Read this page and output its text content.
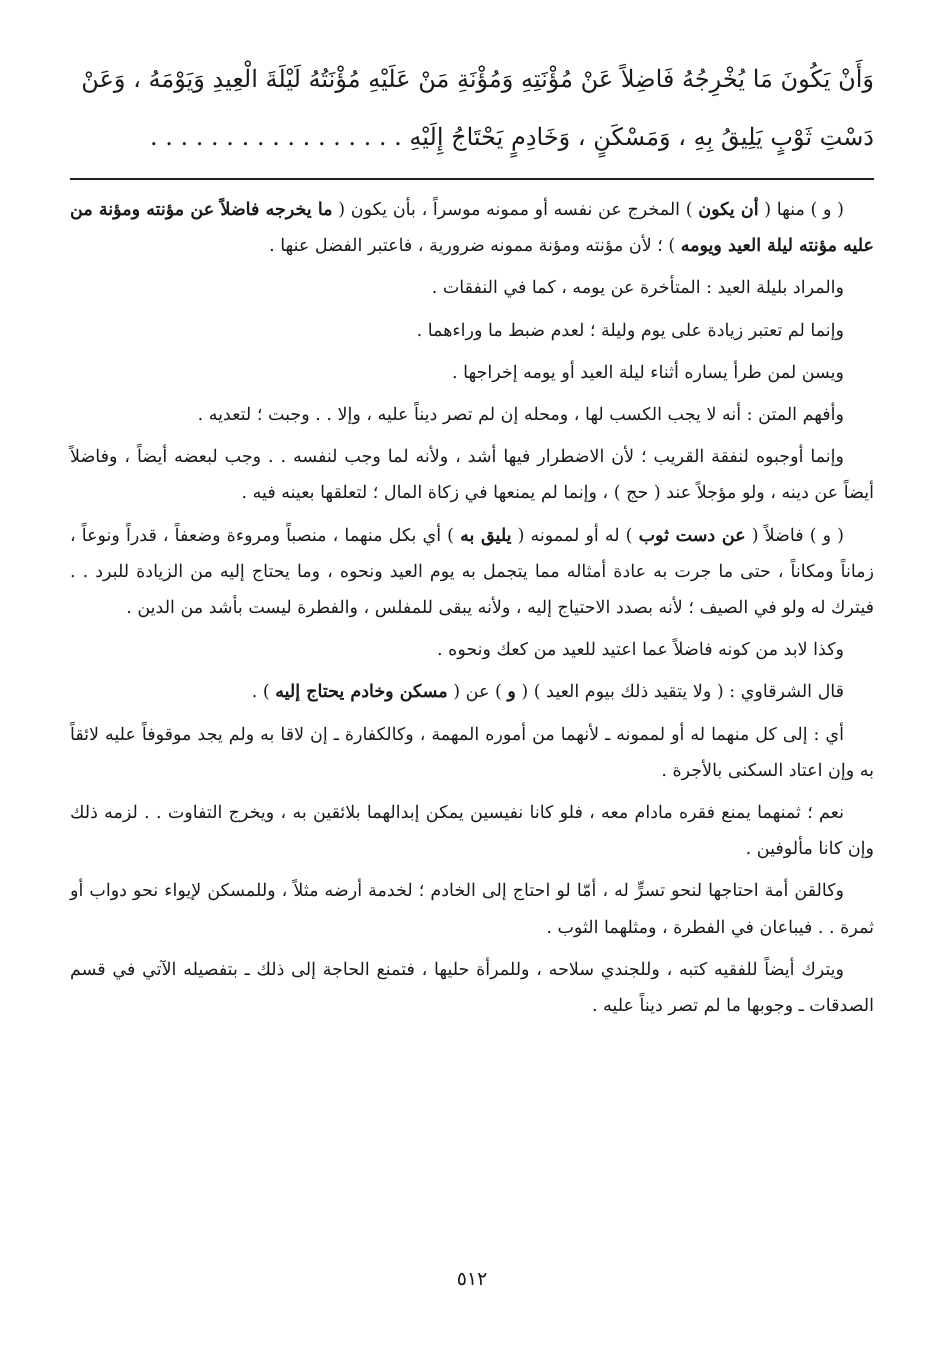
وَأَنْ يَكُونَ مَا يُخْرِجُهُ فَاضِلاً عَنْ مُؤْنَتِهِ وَمُؤْنَةِ مَنْ عَلَيْهِ مُؤْنَتُهُ لَيْلَةَ الْعِيدِ وَيَوْمَهُ ، وَعَنْ
دَسْتِ ثَوْبٍ يَلِيقُ بِهِ ، وَمَسْكَنٍ ، وَخَادِمٍ يَحْتَاجُ إِلَيْهِ . . . . . . . . . . . . . . . . .

( و ) منها ( أن يكون ) المخرج عن نفسه أو ممونه موسراً ، بأن يكون ( ما يخرجه فاضلاً عن مؤنته ومؤنة من عليه مؤنته ليلة العيد ويومه ) ؛ لأن مؤنته ومؤنة ممونه ضرورية ، فاعتبر الفضل عنها .

والمراد بليلة العيد : المتأخرة عن يومه ، كما في النفقات .

وإنما لم تعتبر زيادة على يوم وليلة ؛ لعدم ضبط ما وراءهما .

ويسن لمن طرأ يساره أثناء ليلة العيد أو يومه إخراجها .

وأفهم المتن : أنه لا يجب الكسب لها ، ومحله إن لم تصر ديناً عليه ، وإلا . . وجبت ؛ لتعديه .

وإنما أوجبوه لنفقة القريب ؛ لأن الاضطرار فيها أشد ، ولأنه لما وجب لنفسه . . وجب لبعضه أيضاً ، وفاضلاً أيضاً عن دينه ، ولو مؤجلاً عند ( حج ) ، وإنما لم يمنعها في زكاة المال ؛ لتعلقها بعينه فيه .

( و ) فاضلاً ( عن دست ثوب ) له أو لممونه ( يليق به ) أي بكل منهما ، منصباً ومروءة وضعفاً ، قدراً ونوعاً ، زماناً ومكاناً ، حتى ما جرت به عادة أمثاله مما يتجمل به يوم العيد ونحوه ، وما يحتاج إليه من الزيادة للبرد . . فيترك له ولو في الصيف ؛ لأنه بصدد الاحتياج إليه ، ولأنه يبقى للمفلس ، والفطرة ليست بأشد من الدين .

وكذا لابد من كونه فاضلاً عما اعتيد للعيد من كعك ونحوه .

قال الشرقاوي : ( ولا يتقيد ذلك بيوم العيد ) ( و ) عن ( مسكن وخادم يحتاج إليه ) .

أي : إلى كل منهما له أو لممونه ـ لأنهما من أموره المهمة ، وكالكفارة ـ إن لاقا به ولم يجد موقوفاً عليه لائقاً به وإن اعتاد السكنى بالأجرة .

نعم ؛ ثمنهما يمنع فقره مادام معه ، فلو كانا نفيسين يمكن إبدالهما بلائقين به ، ويخرج التفاوت . . لزمه ذلك وإن كانا مألوفين .

وكالقن أمة احتاجها لنحو تسرٍّ له ، أمّا لو احتاج إلى الخادم ؛ لخدمة أرضه مثلاً ، وللمسكن لإيواء نحو دواب أو ثمرة . . فيباعان في الفطرة ، ومثلهما الثوب .

ويترك أيضاً للفقيه كتبه ، وللجندي سلاحه ، وللمرأة حليها ، فتمنع الحاجة إلى ذلك ـ بتفصيله الآتي في قسم الصدقات ـ وجوبها ما لم تصر ديناً عليه .

٥١٢
